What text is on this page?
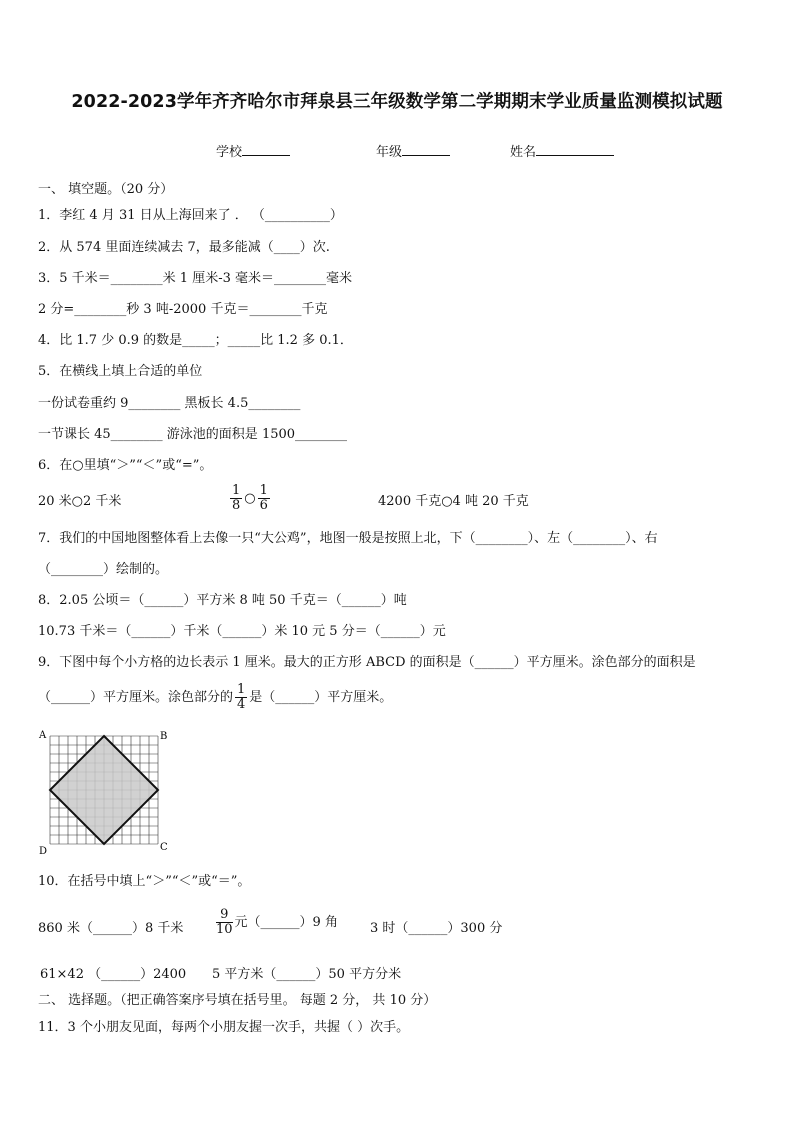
2022-2023学年齐齐哈尔市拜泉县三年级数学第二学期期末学业质量监测模拟试题
学校	年级	姓名
一、 填空题。（20 分）
1．李红 4 月 31 日从上海回来了 ． （__________）
2．从 574 里面连续减去 7，最多能减（____）次.
3．5 千米＝________米 1 厘米-3 毫米＝________毫米
2 分=________秒 3 吨-2000 千克＝________千克
4．比 1.7 少 0.9 的数是_____；_____比 1.2 多 0.1．
5．在横线上填上合适的单位
一份试卷重约 9________ 黑板长 4.5________
一节课长 45________ 游泳池的面积是 1500________
6．在○里填“＞”“＜”或“=”。
20 米○2 千米	$\frac{1}{8}$ ○ $\frac{1}{6}$	4200 千克○4 吨 20 千克
7．我们的中国地图整体看上去像一只“大公鸡”，地图一般是按照上北，下（________）、左（________）、右
（________）绘制的。
8．2.05 公顷＝（______）平方米 8 吨 50 千克＝（______）吨
10.73 千米＝（______）千米（______）米 10 元 5 分＝（______）元
9．下图中每个小方格的边长表示 1 厘米。最大的正方形 ABCD 的面积是（______）平方厘米。涂色部分的面积是
（______）平方厘米。涂色部分的 $\frac{1}{4}$ 是（______）平方厘米。
A	B
C
D
10．在括号中填上“＞”“＜”或“＝”。
860 米（______）8 千米	$\frac{9}{10}$ 元（______）9 角 3 时（______）300 分
61×42 （______）2400 5 平方米（______）50 平方分米
二、 选择题。（把正确答案序号填在括号里。 每题 2 分， 共 10 分）
11．3 个小朋友见面，每两个小朋友握一次手，共握（ ）次手。
